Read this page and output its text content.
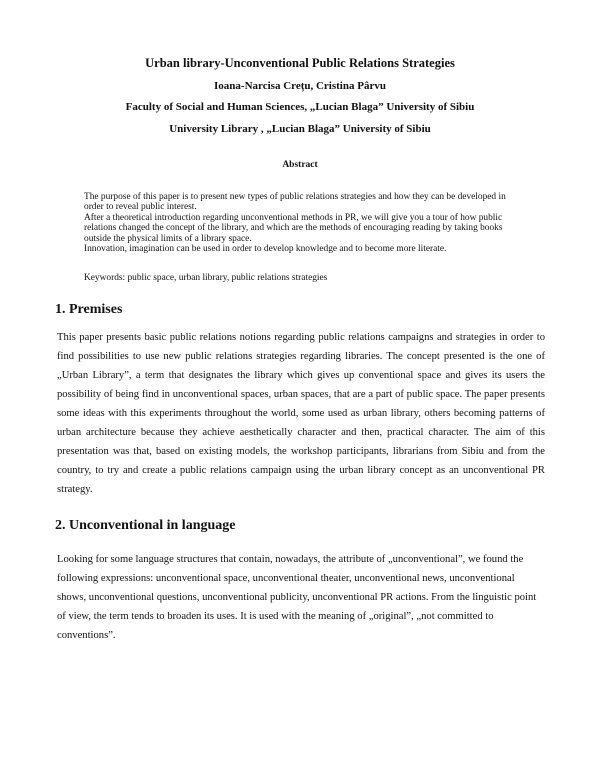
Urban library-Unconventional Public Relations Strategies
Ioana-Narcisa Crețu, Cristina Pârvu
Faculty of Social and Human Sciences, „Lucian Blaga” University of Sibiu
University Library , „Lucian Blaga” University of Sibiu
Abstract

The purpose of this paper is to present new types of public relations strategies and how they can be developed in order to reveal public interest.

After a theoretical introduction regarding unconventional methods in PR, we will give you a tour of how public relations changed the concept of the library, and which are the methods of encouraging reading by taking books outside the physical limits of a library space.

Innovation, imagination can be used in order to develop knowledge and to become more literate.

Keywords: public space, urban library, public relations strategies
1. Premises

This paper presents basic public relations notions regarding public relations campaigns and strategies in order to find possibilities to use new public relations strategies regarding libraries. The concept presented is the one of „Urban Library”, a term that designates the library which gives up conventional space and gives its users the possibility of being find in unconventional spaces, urban spaces, that are a part of public space. The paper presents some ideas with this experiments throughout the world, some used as urban library, others becoming patterns of urban architecture because they achieve aesthetically character and then, practical character. The aim of this presentation was that, based on existing models, the workshop participants, librarians from Sibiu and from the country, to try and create a public relations campaign using the urban library concept as an unconventional PR strategy.

2. Unconventional in language

Looking for some language structures that contain, nowadays, the attribute of „unconventional”, we found the following expressions: unconventional space, unconventional theater, unconventional news, unconventional shows, unconventional questions, unconventional publicity, unconventional PR actions. From the linguistic point of view, the term tends to broaden its uses. It is used with the meaning of „original”, „not committed to conventions”.
